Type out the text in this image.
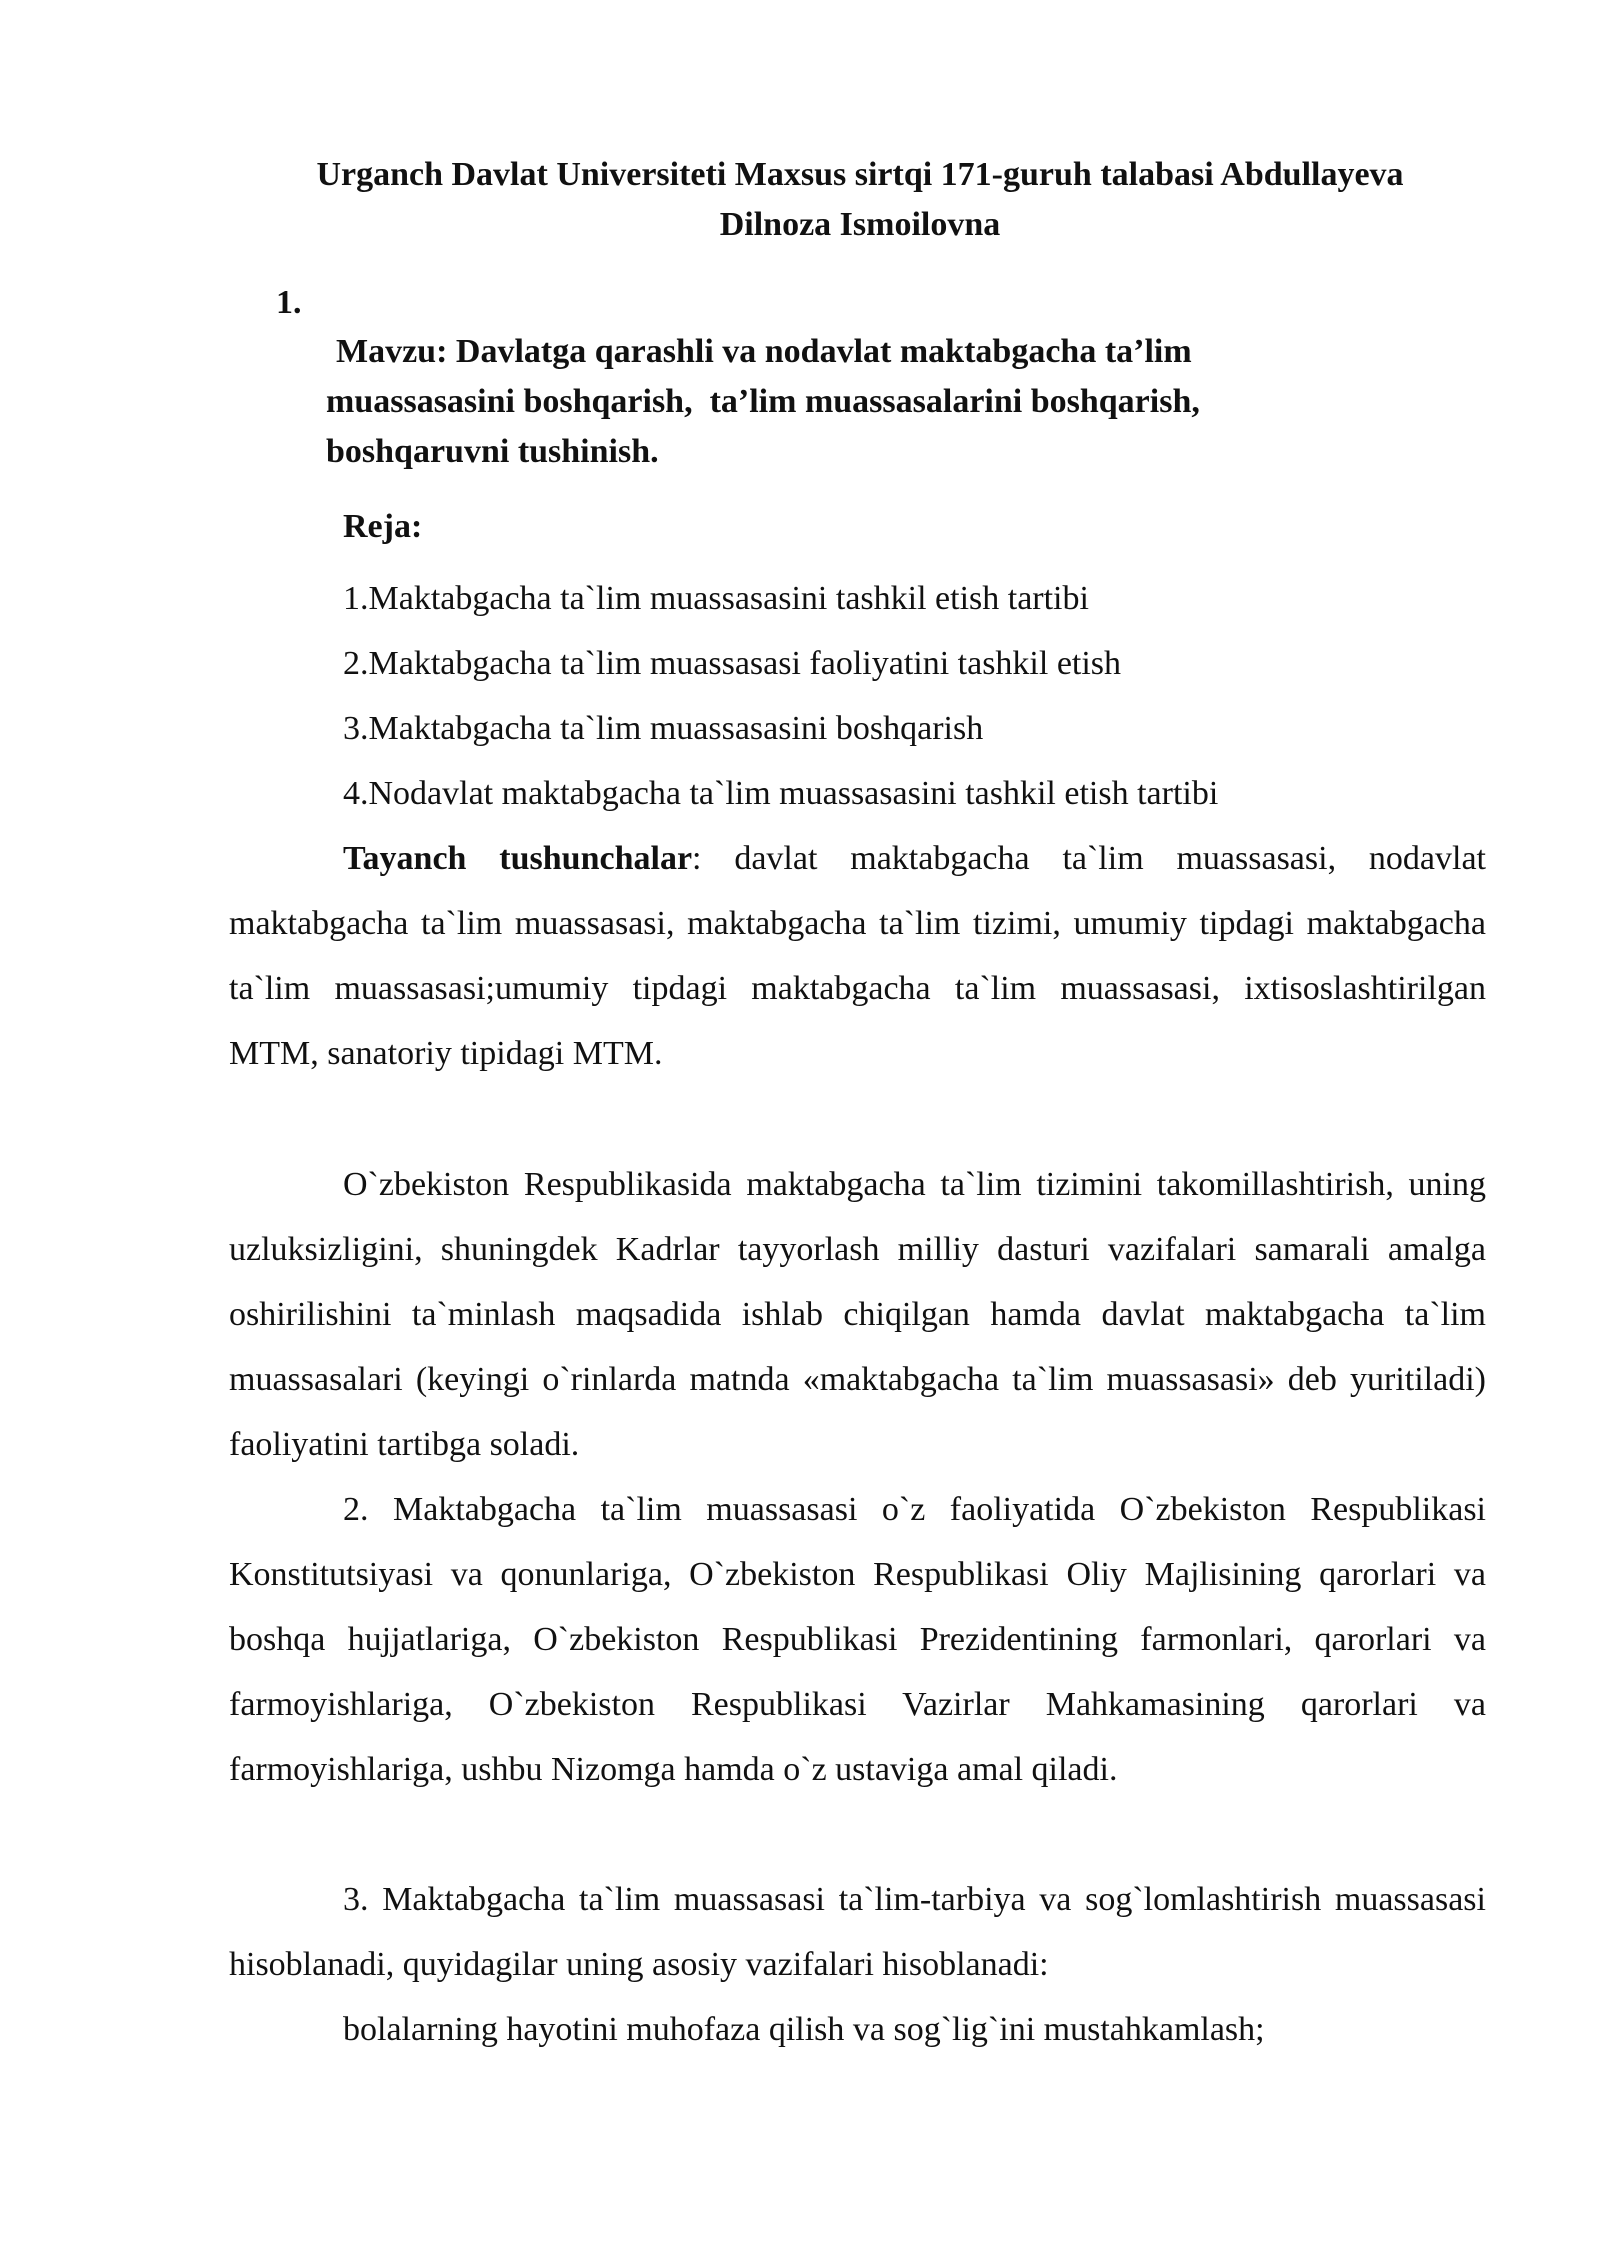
Urganch Davlat Universiteti Maxsus sirtqi 171-guruh talabasi Abdullayeva
Dilnoza Ismoilovna
1.
Mavzu: Davlatga qarashli va nodavlat maktabgacha ta’lim
muassasasini boshqarish,  ta’lim muassasalarini boshqarish,
boshqaruvni tushinish.
Reja:
1.Maktabgacha ta`lim muassasasini tashkil etish tartibi
2.Maktabgacha ta`lim muassasasi faoliyatini tashkil etish
3.Maktabgacha ta`lim muassasasini boshqarish
4.Nodavlat maktabgacha ta`lim muassasasini tashkil etish tartibi

Tayanch tushunchalar: davlat maktabgacha ta`lim muassasasi, nodavlat maktabgacha ta`lim muassasasi, maktabgacha ta`lim tizimi, umumiy tipdagi maktabgacha ta`lim muassasasi;umumiy tipdagi maktabgacha ta`lim muassasasi, ixtisoslashtirilgan MTM, sanatoriy tipidagi MTM.

O`zbekiston Respublikasida maktabgacha ta`lim tizimini takomillashtirish, uning uzluksizligini, shuningdek Kadrlar tayyorlash milliy dasturi vazifalari samarali amalga oshirilishini ta`minlash maqsadida ishlab chiqilgan hamda davlat maktabgacha ta`lim muassasalari (keyingi o`rinlarda matnda «maktabgacha ta`lim muassasasi» deb yuritiladi) faoliyatini tartibga soladi.

2. Maktabgacha ta`lim muassasasi o`z faoliyatida O`zbekiston Respublikasi Konstitutsiyasi va qonunlariga, O`zbekiston Respublikasi Oliy Majlisining qarorlari va boshqa hujjatlariga, O`zbekiston Respublikasi Prezidentining farmonlari, qarorlari va farmoyishlariga, O`zbekiston Respublikasi Vazirlar Mahkamasining qarorlari va farmoyishlariga, ushbu Nizomga hamda o`z ustaviga amal qiladi.

3. Maktabgacha ta`lim muassasasi ta`lim-tarbiya va sog`lomlashtirish muassasasi hisoblanadi, quyidagilar uning asosiy vazifalari hisoblanadi:

bolalarning hayotini muhofaza qilish va sog`lig`ini mustahkamlash;
